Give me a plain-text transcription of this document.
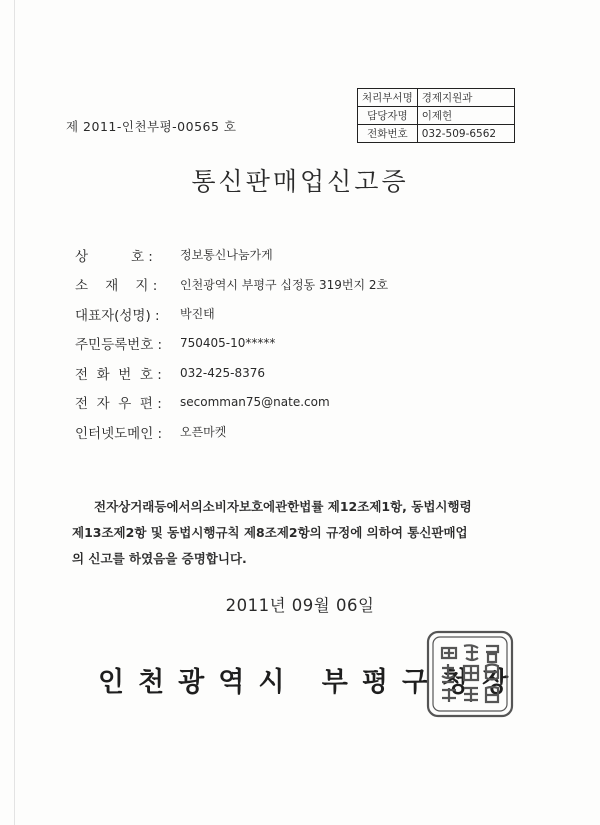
제 2011-인천부평-00565 호
처리부서명	경제지원과
담당자명	이제헌
전화번호	032-509-6562
통신판매업신고증
상          호 :	정보통신나눔가게
소    재    지 :	인천광역시 부평구 십정동 319번지 2호
대표자(성명) :	박진태
주민등록번호 :	750405-10*****
전  화  번  호 :	032-425-8376
전  자  우  편 :	secomman75@nate.com
인터넷도메인 :	오픈마켓
전자상거래등에서의소비자보호에관한법률 제12조제1항, 동법시행령
제13조제2항 및 동법시행규칙 제8조제2항의 규정에 의하여 통신판매업
의 신고를 하였음을 증명합니다.
2011년 09월 06일
인천광역시 부평구청장
